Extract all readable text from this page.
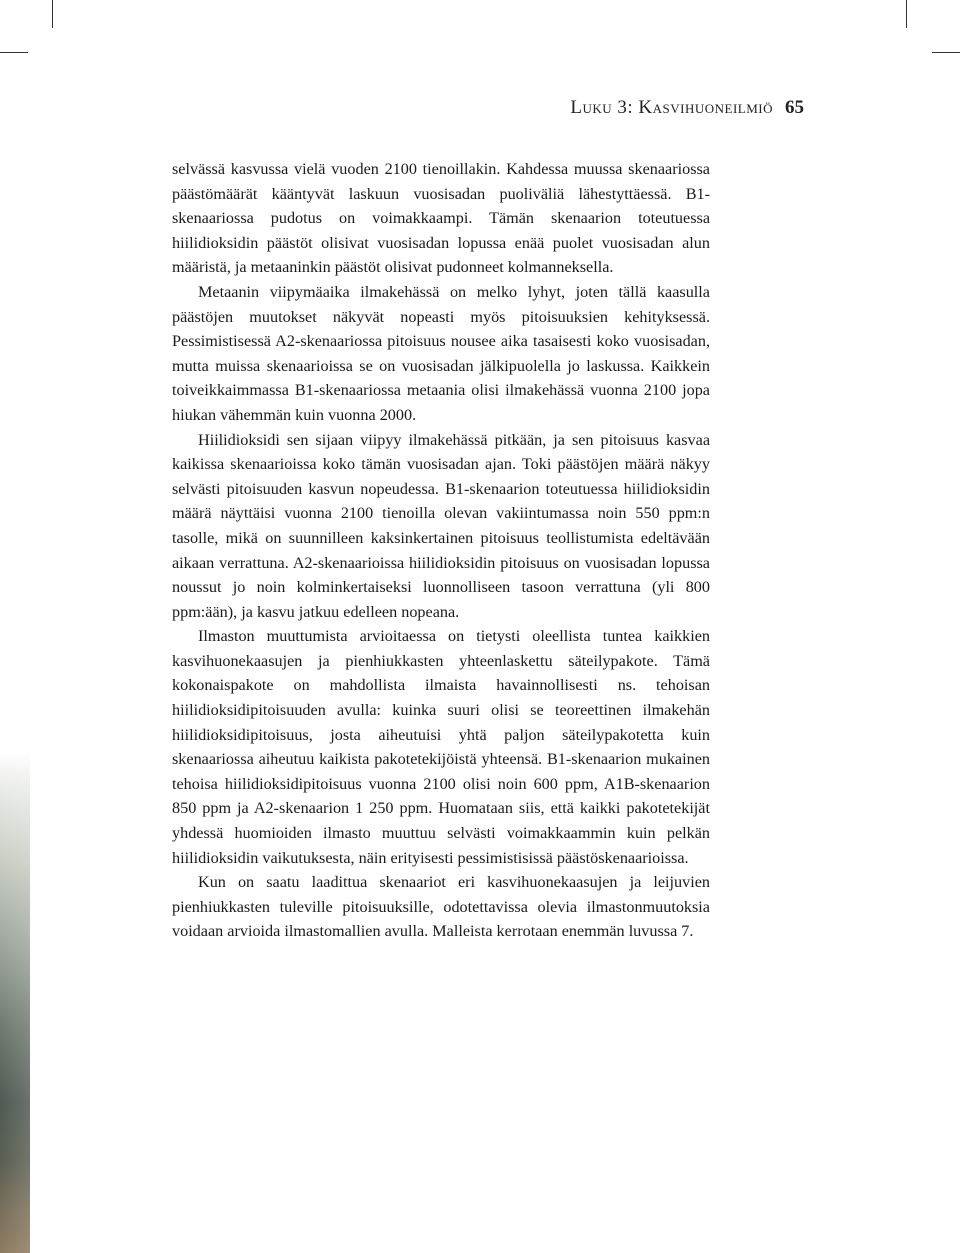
Luku 3: Kasvihuoneilmiö 65

selvässä kasvussa vielä vuoden 2100 tienoillakin. Kahdessa muussa skenaariossa päästömäärät kääntyvät laskuun vuosisadan puoliväliä lähestyttäessä. B1-skenaariossa pudotus on voimakkaampi. Tämän skenaarion toteutuessa hiilidioksidin päästöt olisivat vuosisadan lopussa enää puolet vuosisadan alun määristä, ja metaaninkin päästöt olisivat pudonneet kolmanneksella.

Metaanin viipymäaika ilmakehässä on melko lyhyt, joten tällä kaasulla päästöjen muutokset näkyvät nopeasti myös pitoisuuksien kehityksessä. Pessimistisessä A2-skenaariossa pitoisuus nousee aika tasaisesti koko vuosisadan, mutta muissa skenaarioissa se on vuosisadan jälkipuolella jo laskussa. Kaikkein toiveikkaimmassa B1-skenaariossa metaania olisi ilmakehässä vuonna 2100 jopa hiukan vähemmän kuin vuonna 2000.

Hiilidioksidi sen sijaan viipyy ilmakehässä pitkään, ja sen pitoisuus kasvaa kaikissa skenaarioissa koko tämän vuosisadan ajan. Toki päästöjen määrä näkyy selvästi pitoisuuden kasvun nopeudessa. B1-skenaarion toteutuessa hiilidioksidin määrä näyttäisi vuonna 2100 tienoilla olevan vakiintumassa noin 550 ppm:n tasolle, mikä on suunnilleen kaksinkertainen pitoisuus teollistumista edeltävään aikaan verrattuna. A2-skenaarioissa hiilidioksidin pitoisuus on vuosisadan lopussa noussut jo noin kolminkertaiseksi luonnolliseen tasoon verrattuna (yli 800 ppm:ään), ja kasvu jatkuu edelleen nopeana.

Ilmaston muuttumista arvioitaessa on tietysti oleellista tuntea kaikkien kasvihuonekaasujen ja pienhiukkasten yhteenlaskettu säteilypakote. Tämä kokonaispakote on mahdollista ilmaista havainnollisesti ns. tehoisan hiilidioksidipitoisuuden avulla: kuinka suuri olisi se teoreettinen ilmakehän hiilidioksidipitoisuus, josta aiheutuisi yhtä paljon säteilypakotetta kuin skenaariossa aiheutuu kaikista pakotetekijöistä yhteensä. B1-skenaarion mukainen tehoisa hiilidioksidipitoisuus vuonna 2100 olisi noin 600 ppm, A1B-skenaarion 850 ppm ja A2-skenaarion 1 250 ppm. Huomataan siis, että kaikki pakotetekijät yhdessä huomioiden ilmasto muuttuu selvästi voimakkaammin kuin pelkän hiilidioksidin vaikutuksesta, näin erityisesti pessimistisissä päästöskenaarioissa.

Kun on saatu laadittua skenaariot eri kasvihuonekaasujen ja leijuvien pienhiukkasten tuleville pitoisuuksille, odotettavissa olevia ilmastonmuutoksia voidaan arvioida ilmastomallien avulla. Malleista kerrotaan enemmän luvussa 7.
